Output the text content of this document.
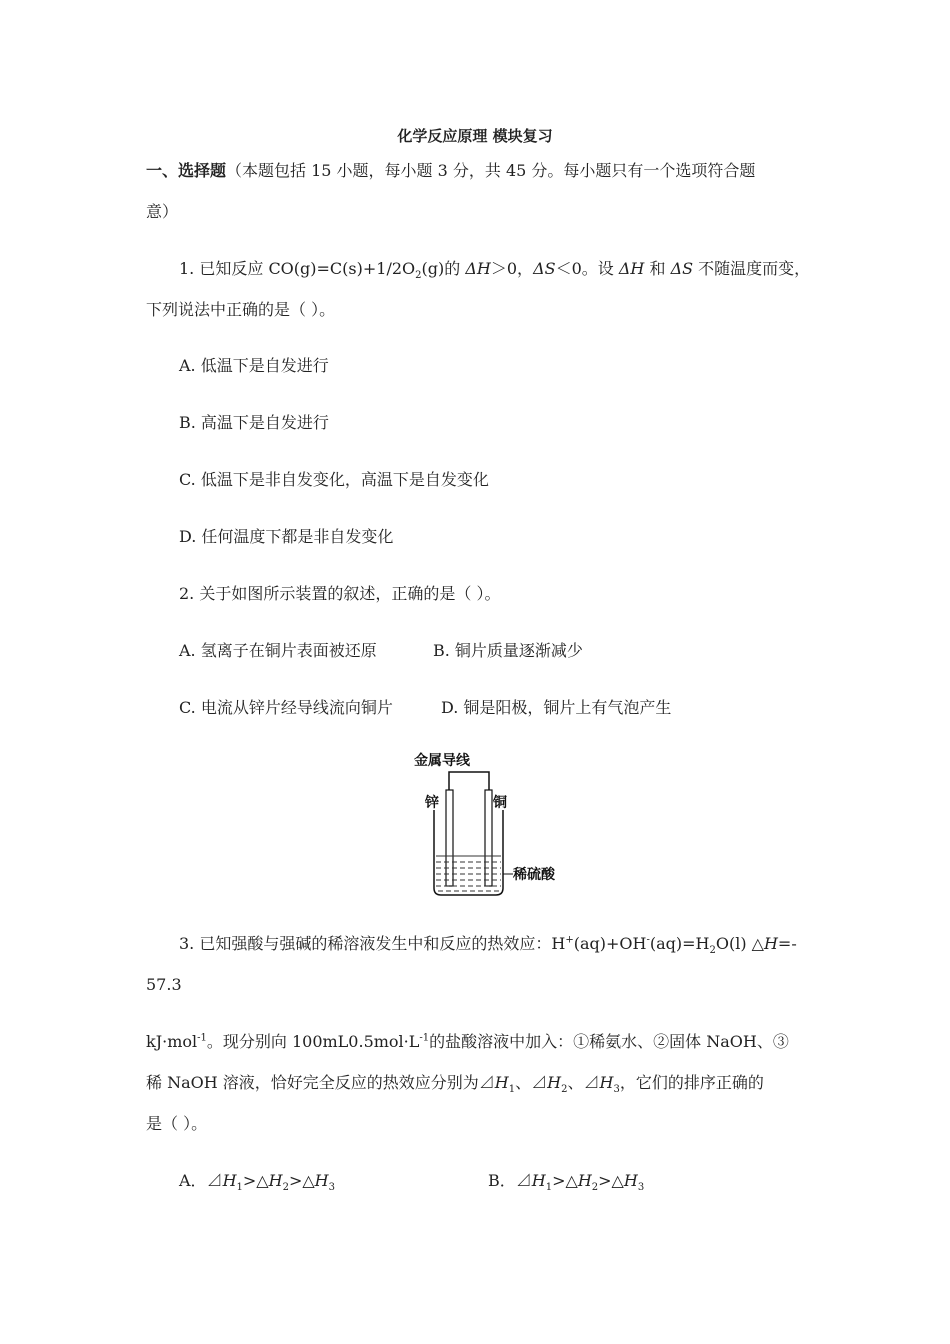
化学反应原理 模块复习
一、选择题（本题包括 15 小题，每小题 3 分，共 45 分。每小题只有一个选项符合题
意）
1. 已知反应 $CO(g)=C(s)+1/2O_2(g)$的 ΔH＞0，ΔS＜0。设 ΔH 和 ΔS 不随温度而变，
下列说法中正确的是（ ）。
A. 低温下是自发进行
B. 高温下是自发进行
C. 低温下是非自发变化，高温下是自发变化
D. 任何温度下都是非自发变化
2. 关于如图所示装置的叙述，正确的是（ ）。
A. 氢离子在铜片表面被还原	B. 铜片质量逐渐减少
C. 电流从锌片经导线流向铜片	D. 铜是阳极，铜片上有气泡产生
金属导线
锌	铜
稀硫酸
3. 已知强酸与强碱的稀溶液发生中和反应的热效应：$H^+(aq)+OH^-(aq)=H_2O(l)$ △H=-
57.3
kJ·mol$^{-1}$。现分别向 $100mL0.5mol\cdot L^{-1}$的盐酸溶液中加入：①稀氨水、②固体 NaOH、③
稀 NaOH 溶液，恰好完全反应的热效应分别为$⊿H_1$、$⊿H_2$、$⊿H_3$，它们的排序正确的
是（ ）。
A．$⊿H_1>\triangle H_2>\triangle H_3$	B．$⊿H_1>\triangle H_2>\triangle H_3$
